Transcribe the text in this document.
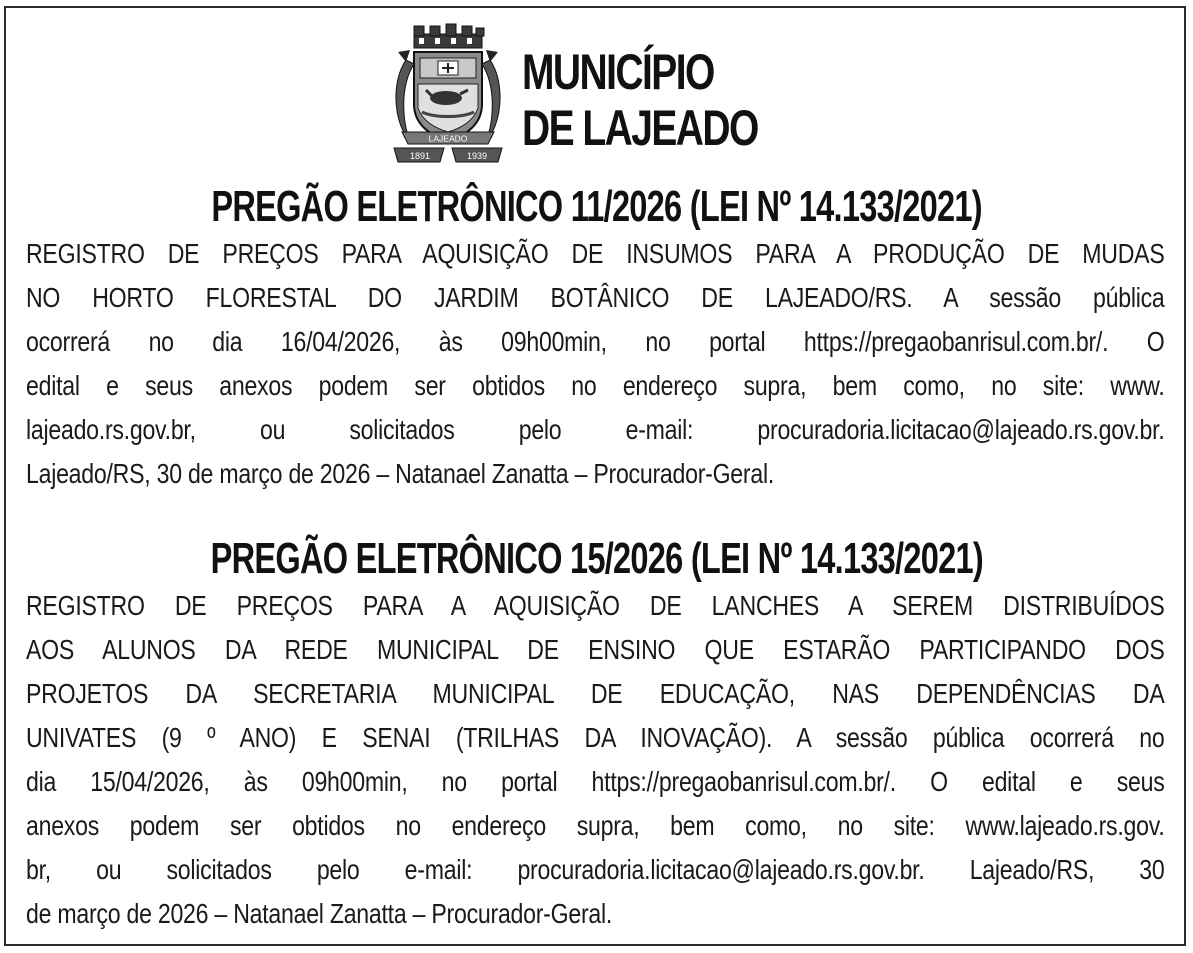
LAJEADO
1891	1939
MUNICÍPIO
DE LAJEADO
PREGÃO ELETRÔNICO 11/2026 (LEI Nº 14.133/2021)
REGISTRO DE PREÇOS PARA AQUISIÇÃO DE INSUMOS PARA A PRODUÇÃO DE MUDAS
NO HORTO FLORESTAL DO JARDIM BOTÂNICO DE LAJEADO/RS. A sessão pública
ocorrerá no dia 16/04/2026, às 09h00min, no portal https://pregaobanrisul.com.br/. O
edital e seus anexos podem ser obtidos no endereço supra, bem como, no site: www.
lajeado.rs.gov.br, ou solicitados pelo e-mail: procuradoria.licitacao@lajeado.rs.gov.br.
Lajeado/RS, 30 de março de 2026 – Natanael Zanatta – Procurador-Geral.
PREGÃO ELETRÔNICO 15/2026 (LEI Nº 14.133/2021)
REGISTRO DE PREÇOS PARA A AQUISIÇÃO DE LANCHES A SEREM DISTRIBUÍDOS
AOS ALUNOS DA REDE MUNICIPAL DE ENSINO QUE ESTARÃO PARTICIPANDO DOS
PROJETOS DA SECRETARIA MUNICIPAL DE EDUCAÇÃO, NAS DEPENDÊNCIAS DA
UNIVATES (9 º ANO) E SENAI (TRILHAS DA INOVAÇÃO). A sessão pública ocorrerá no
dia 15/04/2026, às 09h00min, no portal https://pregaobanrisul.com.br/. O edital e seus
anexos podem ser obtidos no endereço supra, bem como, no site: www.lajeado.rs.gov.
br, ou solicitados pelo e-mail: procuradoria.licitacao@lajeado.rs.gov.br. Lajeado/RS, 30
de março de 2026 – Natanael Zanatta – Procurador-Geral.
